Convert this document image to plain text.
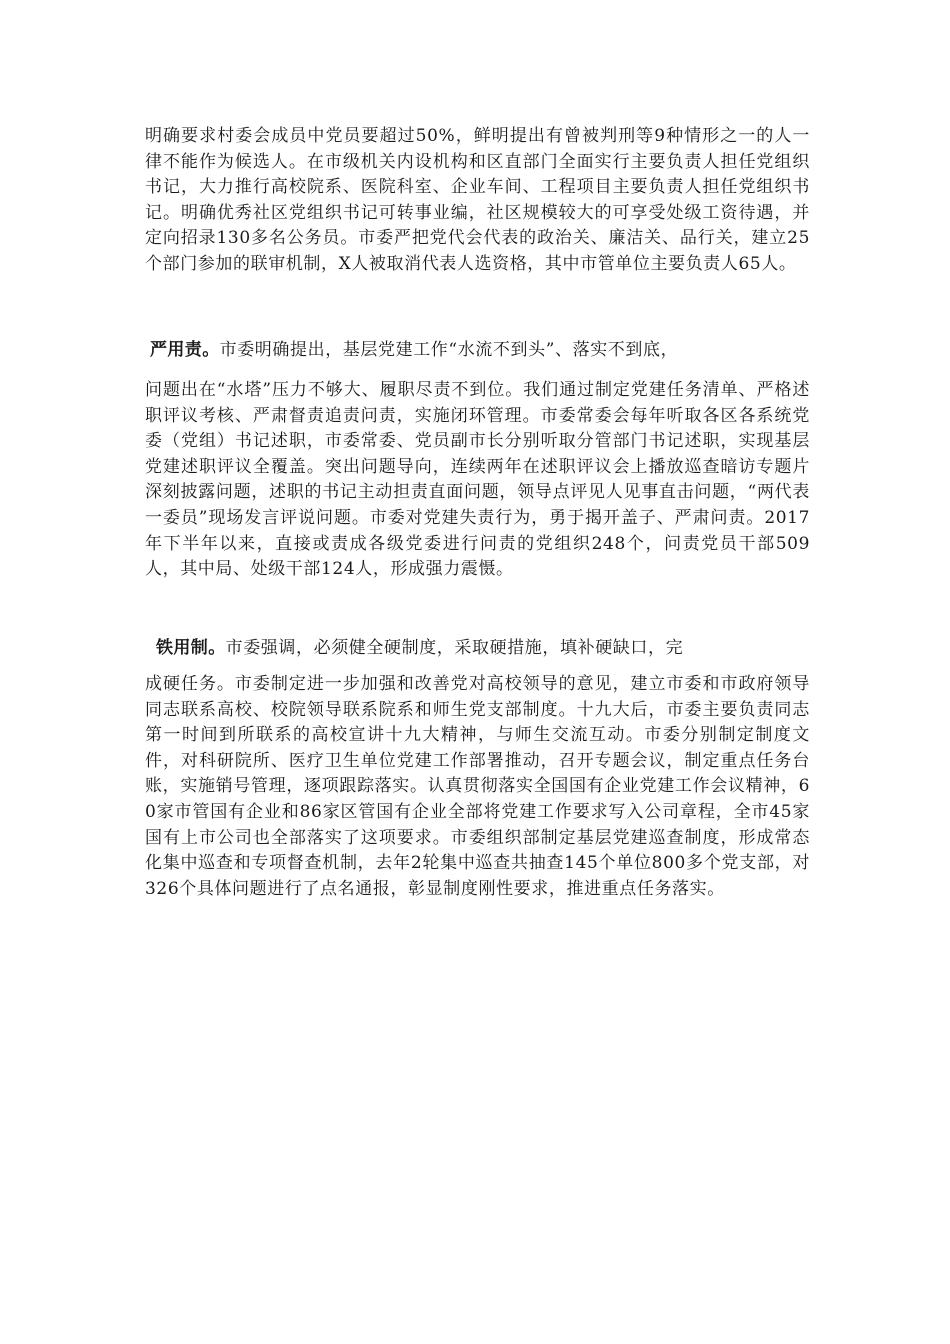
明确要求村委会成员中党员要超过50%，鲜明提出有曾被判刑等9种情形之一的人一律不能作为候选人。在市级机关内设机构和区直部门全面实行主要负责人担任党组织书记，大力推行高校院系、医院科室、企业车间、工程项目主要负责人担任党组织书记。明确优秀社区党组织书记可转事业编，社区规模较大的可享受处级工资待遇，并定向招录130多名公务员。市委严把党代会代表的政治关、廉洁关、品行关，建立25个部门参加的联审机制，X人被取消代表人选资格，其中市管单位主要负责人65人。

严用责。市委明确提出，基层党建工作“水流不到头”、落实不到底，

问题出在“水塔”压力不够大、履职尽责不到位。我们通过制定党建任务清单、严格述职评议考核、严肃督责追责问责，实施闭环管理。市委常委会每年听取各区各系统党委（党组）书记述职，市委常委、党员副市长分别听取分管部门书记述职，实现基层党建述职评议全覆盖。突出问题导向，连续两年在述职评议会上播放巡查暗访专题片深刻披露问题，述职的书记主动担责直面问题，领导点评见人见事直击问题，“两代表一委员”现场发言评说问题。市委对党建失责行为，勇于揭开盖子、严肃问责。2017年下半年以来，直接或责成各级党委进行问责的党组织248个，问责党员干部509人，其中局、处级干部124人，形成强力震慑。

铁用制。市委强调，必须健全硬制度，采取硬措施，填补硬缺口，完

成硬任务。市委制定进一步加强和改善党对高校领导的意见，建立市委和市政府领导同志联系高校、校院领导联系院系和师生党支部制度。十九大后，市委主要负责同志第一时间到所联系的高校宣讲十九大精神，与师生交流互动。市委分别制定制度文件，对科研院所、医疗卫生单位党建工作部署推动，召开专题会议，制定重点任务台账，实施销号管理，逐项跟踪落实。认真贯彻落实全国国有企业党建工作会议精神，60家市管国有企业和86家区管国有企业全部将党建工作要求写入公司章程，全市45家国有上市公司也全部落实了这项要求。市委组织部制定基层党建巡查制度，形成常态化集中巡查和专项督查机制，去年2轮集中巡查共抽查145个单位800多个党支部，对326个具体问题进行了点名通报，彰显制度刚性要求，推进重点任务落实。
